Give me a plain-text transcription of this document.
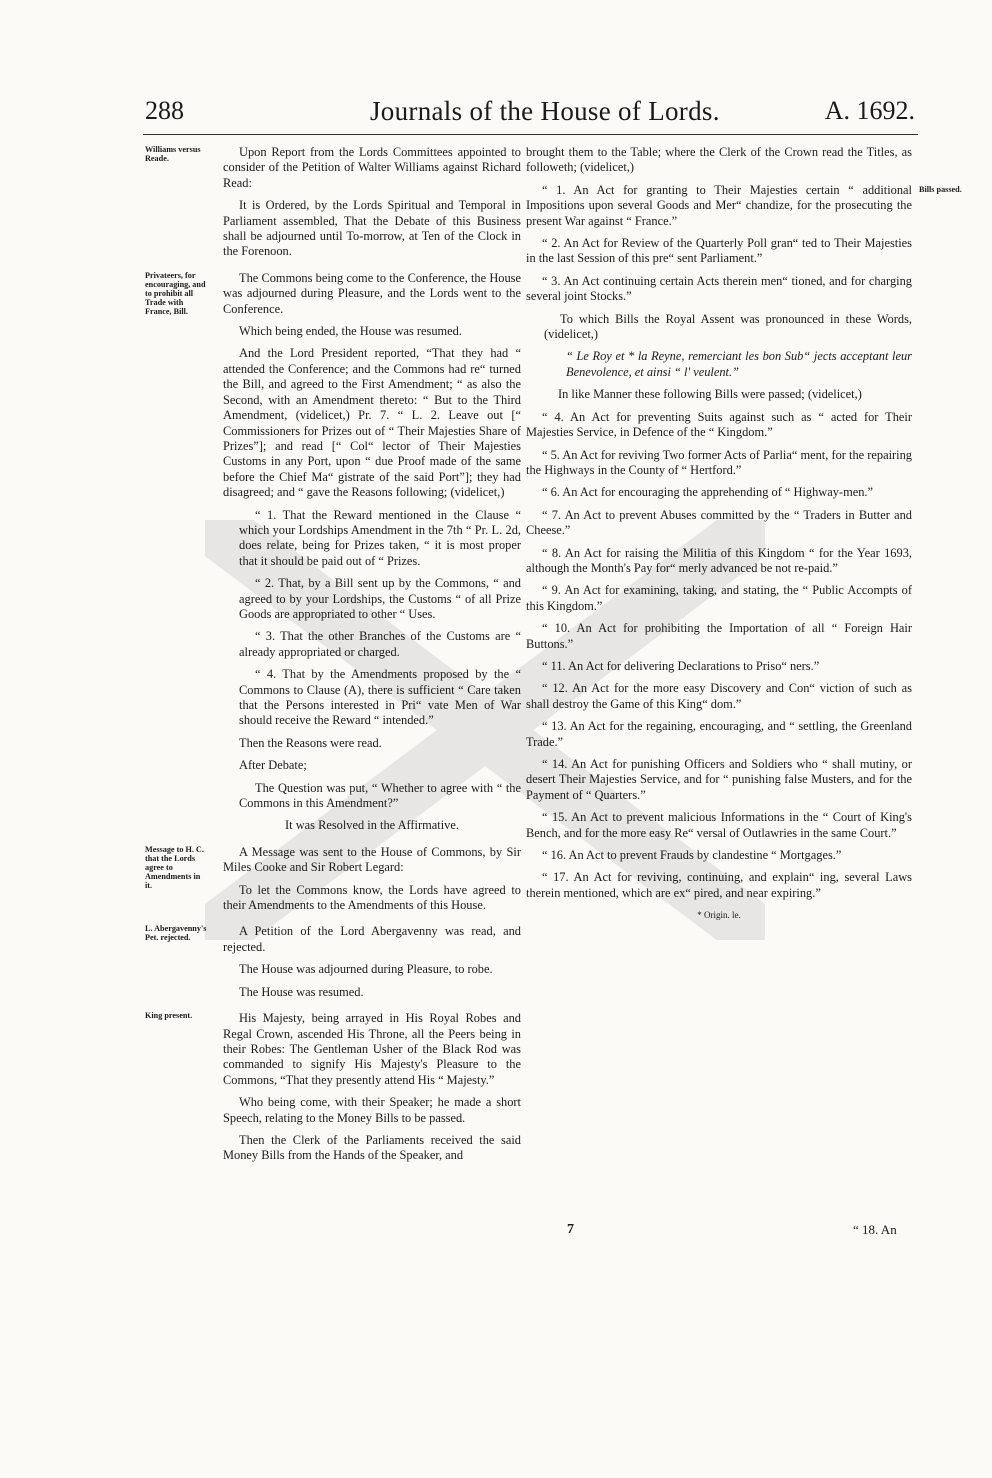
288	Journals of the House of Lords.	A. 1692.
Williams versus Reade.	Upon Report from the Lords Committees appointed to consider of the Petition of Walter Williams against Richard Read:

It is Ordered, by the Lords Spiritual and Temporal in Parliament assembled, That the Debate of this Business shall be adjourned until To-morrow, at Ten of the Clock in the Forenoon.

Privateers, for encouraging, and to prohibit all Trade with France, Bill.

The Commons being come to the Conference, the House was adjourned during Pleasure, and the Lords went to the Conference.

Which being ended, the House was resumed.

And the Lord President reported, “That they had “ attended the Conference; and the Commons had re“ turned the Bill, and agreed to the First Amendment; “ as also the Second, with an Amendment thereto: “ But to the Third Amendment, (videlicet,) Pr. 7. “ L. 2. Leave out [“ Commissioners for Prizes out of “ Their Majesties Share of Prizes”]; and read [“ Col“ lector of Their Majesties Customs in any Port, upon “ due Proof made of the same before the Chief Ma“ gistrate of the said Port”]; they had disagreed; and “ gave the Reasons following; (videlicet,)

“ 1. That the Reward mentioned in the Clause “ which your Lordships Amendment in the 7th “ Pr. L. 2d, does relate, being for Prizes taken, “ it is most proper that it should be paid out of “ Prizes.

“ 2. That, by a Bill sent up by the Commons, “ and agreed to by your Lordships, the Customs “ of all Prize Goods are appropriated to other “ Uses.

“ 3. That the other Branches of the Customs are “ already appropriated or charged.

“ 4. That by the Amendments proposed by the “ Commons to Clause (A), there is sufficient “ Care taken that the Persons interested in Pri“ vate Men of War should receive the Reward “ intended.”

Then the Reasons were read.

After Debate;

The Question was put, “ Whether to agree with “ the Commons in this Amendment?”

It was Resolved in the Affirmative.

Message to H. C. that the Lords agree to Amendments in it.

A Message was sent to the House of Commons, by Sir Miles Cooke and Sir Robert Legard:

To let the Commons know, the Lords have agreed to their Amendments to the Amendments of this House.

L. Abergavenny's Pet. rejected.	A Petition of the Lord Abergavenny was read, and rejected.

The House was adjourned during Pleasure, to robe.

The House was resumed.

King present.	His Majesty, being arrayed in His Royal Robes and Regal Crown, ascended His Throne, all the Peers being in their Robes: The Gentleman Usher of the Black Rod was commanded to signify His Majesty's Pleasure to the Commons, “That they presently attend His “ Majesty.”

Who being come, with their Speaker; he made a short Speech, relating to the Money Bills to be passed.

Then the Clerk of the Parliaments received the said Money Bills from the Hands of the Speaker, and

Bills passed.

brought them to the Table; where the Clerk of the Crown read the Titles, as followeth; (videlicet,)

“ 1. An Act for granting to Their Majesties certain “ additional Impositions upon several Goods and Mer“ chandize, for the prosecuting the present War against “ France.”

“ 2. An Act for Review of the Quarterly Poll gran“ ted to Their Majesties in the last Session of this pre“ sent Parliament.”

“ 3. An Act continuing certain Acts therein men“ tioned, and for charging several joint Stocks.”

To which Bills the Royal Assent was pronounced in these Words, (videlicet,)

“ Le Roy et * la Reyne, remerciant les bon Sub“ jects acceptant leur Benevolence, et ainsi “ l' veulent.”

In like Manner these following Bills were passed; (videlicet,)

“ 4. An Act for preventing Suits against such as “ acted for Their Majesties Service, in Defence of the “ Kingdom.”

“ 5. An Act for reviving Two former Acts of Parlia“ ment, for the repairing the Highways in the County of “ Hertford.”

“ 6. An Act for encouraging the apprehending of “ Highway-men.”

“ 7. An Act to prevent Abuses committed by the “ Traders in Butter and Cheese.”

“ 8. An Act for raising the Militia of this Kingdom “ for the Year 1693, although the Month's Pay for“ merly advanced be not re-paid.”

“ 9. An Act for examining, taking, and stating, the “ Public Accompts of this Kingdom.”

“ 10. An Act for prohibiting the Importation of all “ Foreign Hair Buttons.”

“ 11. An Act for delivering Declarations to Priso“ ners.”

“ 12. An Act for the more easy Discovery and Con“ viction of such as shall destroy the Game of this King“ dom.”

“ 13. An Act for the regaining, encouraging, and “ settling, the Greenland Trade.”

“ 14. An Act for punishing Officers and Soldiers who “ shall mutiny, or desert Their Majesties Service, and for “ punishing false Musters, and for the Payment of “ Quarters.”

“ 15. An Act to prevent malicious Informations in the “ Court of King's Bench, and for the more easy Re“ versal of Outlawries in the same Court.”

“ 16. An Act to prevent Frauds by clandestine “ Mortgages.”

“ 17. An Act for reviving, continuing, and explain“ ing, several Laws therein mentioned, which are ex“ pired, and near expiring.”

* Origin. le.
7	“ 18. An
